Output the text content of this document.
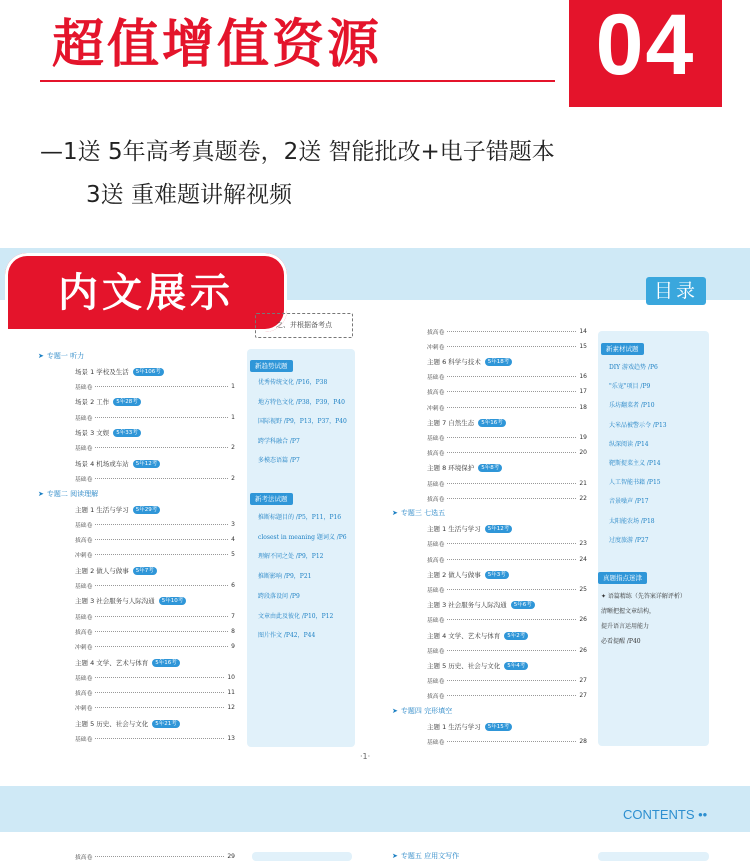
超值增值资源	04
—1送 5年高考真题卷，2送 智能批改+电子错题本
3送 重难题讲解视频
内文展示	目录
之、并根据备考点
CONTENTS ••
·1·
➤ 专题一 听力
场景 1 学校及生活 5年106考
基础卷	1
场景 2 工作 5年28考
基础卷	1
场景 3 文娱 5年33考
基础卷	2
场景 4 机场或车站 5年12考
基础卷	2
➤ 专题二 阅读理解
主题 1 生活与学习 5年29考
基础卷	3
拔高卷	4
冲刺卷	5
主题 2 做人与做事 5年7考
基础卷	6
主题 3 社会服务与人际沟通 5年10考
基础卷	7
拔高卷	8
冲刺卷	9
主题 4 文学、艺术与体育 5年16考
基础卷	10
拔高卷	11
冲刺卷	12
主题 5 历史、社会与文化 5年21考
基础卷	13
拔高卷	14
冲刺卷	15
主题 6 科学与技术 5年18考
基础卷	16
拔高卷	17
冲刺卷	18
主题 7 自然生态 5年16考
基础卷	19
拔高卷	20
主题 8 环境保护 5年8考
基础卷	21
拔高卷	22
➤ 专题三 七选五
主题 1 生活与学习 5年12考
基础卷	23
拔高卷	24
主题 2 做人与做事 5年3考
基础卷	25
主题 3 社会服务与人际沟通 5年6考
基础卷	26
主题 4 文学、艺术与体育 5年2考
基础卷	26
主题 5 历史、社会与文化 5年4考
基础卷	27
拔高卷	27
➤ 专题四 完形填空
主题 1 生活与学习 5年15考
基础卷	28
新趋势试题
优秀传统文化 /P16，P38
地方特色文化 /P38，P39，P40
国际视野 /P9，P13，P37，P40
跨学科融合 /P7
多模态语篇 /P7
新考法试题
推断标题目的 /P5，P11，P16
closest in meaning 题词义 /P6
理解不同之处 /P9，P12
推断影响 /P9，P21
跨段落设问 /P9
文章由此及彼化 /P10，P12
图片作文 /P42，P44
新素材试题
DIY 游戏趋势 /P6
"乐宠"项目 /P9
乐坊翻菜者 /P10
大米品被警示令 /P13
纵深阅读 /P14
靶斯捉菜主义 /P14
人工智能书籍 /P15
音景噪声 /P17
太阳能农场 /P18
过度旅游 /P27
真题指点迷津
✦ 语篇精练（先答案详解评析）
清晰把握文章结构，
提升语言运用能力
必看提醒 /P40
拔高卷	29	➤ 专题五 应用文写作
